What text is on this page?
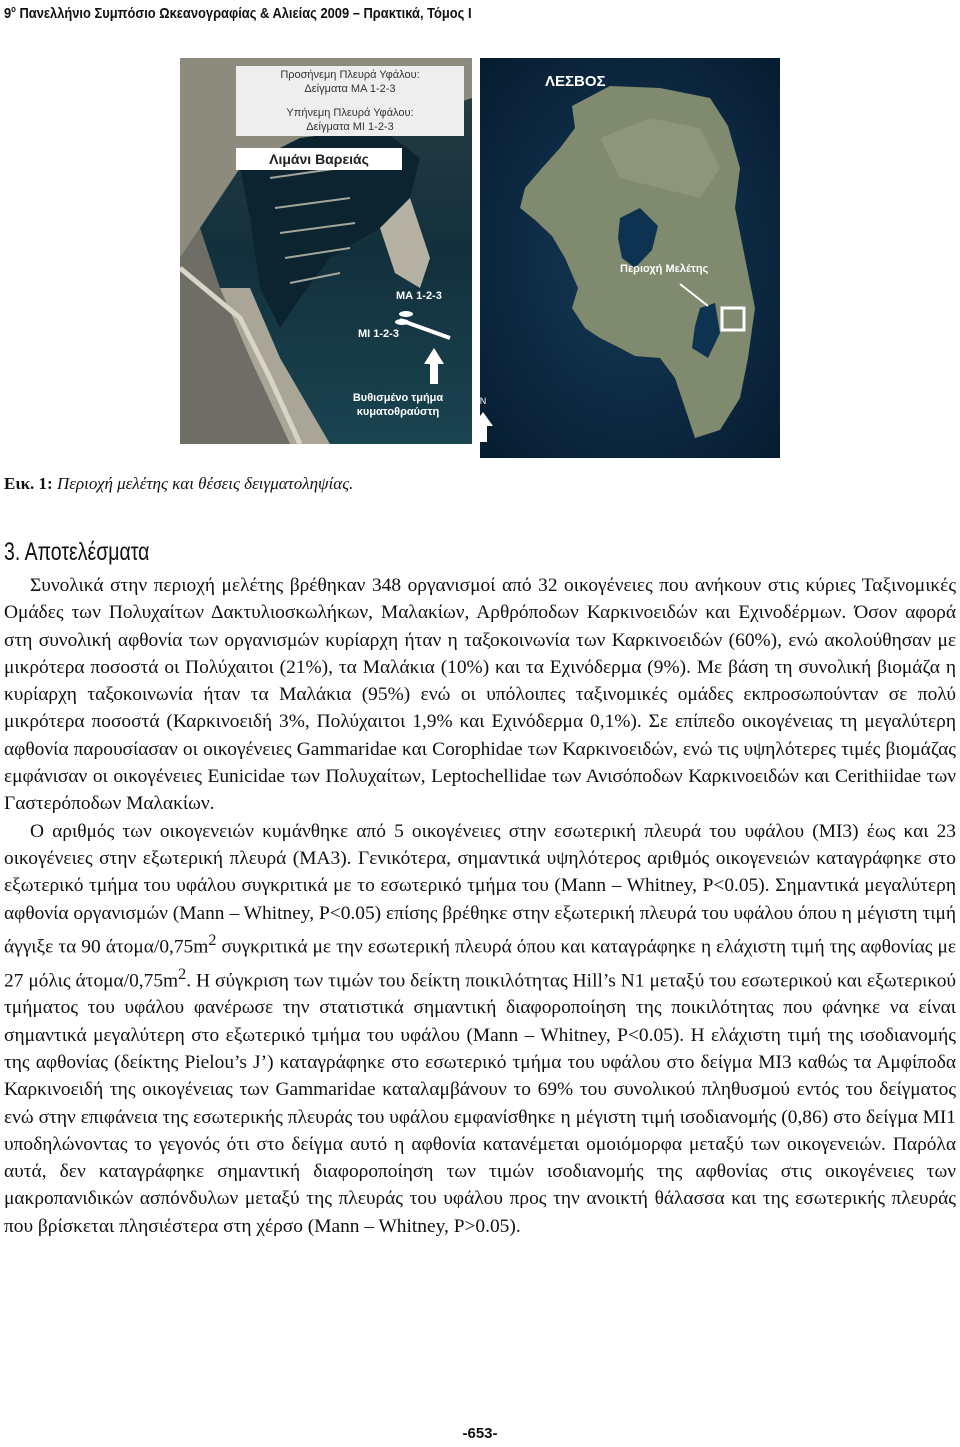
$9^o$ Πανελλήνιο Συμπόσιο Ωκεανογραφίας & Αλιείας 2009 – Πρακτικά, Τόμος I
Προσήνεμη Πλευρά Υφάλου:
Δείγματα ΜΑ 1-2-3
Υπήνεμη Πλευρά Υφάλου:
Δείγματα ΜΙ 1-2-3
Λιμάνι Βαρειάς
ΜΑ 1-2-3
ΜΙ 1-2-3
Βυθισμένο τμήμα
κυματοθραύστη
ΛΕΣΒΟΣ
Περιοχή Μελέτης
N
Εικ. 1: Περιοχή μελέτης και θέσεις δειγματοληψίας.
3. Αποτελέσματα

Συνολικά στην περιοχή μελέτης βρέθηκαν 348 οργανισμοί από 32 οικογένειες που ανήκουν στις κύριες Ταξινομικές Ομάδες των Πολυχαίτων Δακτυλιοσκωλήκων, Μαλακίων, Αρθρόποδων Καρκινοειδών και Εχινοδέρμων. Όσον αφορά στη συνολική αφθονία των οργανισμών κυρίαρχη ήταν η ταξοκοινωνία των Καρκινοειδών (60%), ενώ ακολούθησαν με μικρότερα ποσοστά οι Πολύχαιτοι (21%), τα Μαλάκια (10%) και τα Εχινόδερμα (9%). Με βάση τη συνολική βιομάζα η κυρίαρχη ταξοκοινωνία ήταν τα Μαλάκια (95%) ενώ οι υπόλοιπες ταξινομικές ομάδες εκπροσωπούνταν σε πολύ μικρότερα ποσοστά (Καρκινοειδή 3%, Πολύχαιτοι 1,9% και Εχινόδερμα 0,1%). Σε επίπεδο οικογένειας τη μεγαλύτερη αφθονία παρουσίασαν οι οικογένειες Gammaridae και Corophidae των Καρκινοειδών, ενώ τις υψηλότερες τιμές βιομάζας εμφάνισαν οι οικογένειες Eunicidae των Πολυχαίτων, Leptochellidae των Ανισόποδων Καρκινοειδών και Cerithiidae των Γαστερόποδων Μαλακίων.

Ο αριθμός των οικογενειών κυμάνθηκε από 5 οικογένειες στην εσωτερική πλευρά του υφάλου (ΜΙ3) έως και 23 οικογένειες στην εξωτερική πλευρά (ΜΑ3). Γενικότερα, σημαντικά υψηλότερος αριθμός οικογενειών καταγράφηκε στο εξωτερικό τμήμα του υφάλου συγκριτικά με το εσωτερικό τμήμα του (Mann – Whitney, P<0.05). Σημαντικά μεγαλύτερη αφθονία οργανισμών (Mann – Whitney, P<0.05) επίσης βρέθηκε στην εξωτερική πλευρά του υφάλου όπου η μέγιστη τιμή άγγιξε τα 90 άτομα/$0,75m^2$ συγκριτικά με την εσωτερική πλευρά όπου και καταγράφηκε η ελάχιστη τιμή της αφθονίας με 27 μόλις άτομα/$0,75m^2$. Η σύγκριση των τιμών του δείκτη ποικιλότητας Hill’s N1 μεταξύ του εσωτερικού και εξωτερικού τμήματος του υφάλου φανέρωσε την στατιστικά σημαντική διαφοροποίηση της ποικιλότητας που φάνηκε να είναι σημαντικά μεγαλύτερη στο εξωτερικό τμήμα του υφάλου (Mann – Whitney, P<0.05). Η ελάχιστη τιμή της ισοδιανομής της αφθονίας (δείκτης Pielou’s J’) καταγράφηκε στο εσωτερικό τμήμα του υφάλου στο δείγμα ΜΙ3 καθώς τα Αμφίποδα Καρκινοειδή της οικογένειας των Gammaridae καταλαμβάνουν το 69% του συνολικού πληθυσμού εντός του δείγματος ενώ στην επιφάνεια της εσωτερικής πλευράς του υφάλου εμφανίσθηκε η μέγιστη τιμή ισοδιανομής (0,86) στο δείγμα ΜΙ1 υποδηλώνοντας το γεγονός ότι στο δείγμα αυτό η αφθονία κατανέμεται ομοιόμορφα μεταξύ των οικογενειών. Παρόλα αυτά, δεν καταγράφηκε σημαντική διαφοροποίηση των τιμών ισοδιανομής της αφθονίας στις οικογένειες των μακροπανιδικών ασπόνδυλων μεταξύ της πλευράς του υφάλου προς την ανοικτή θάλασσα και της εσωτερικής πλευράς που βρίσκεται πλησιέστερα στη χέρσο (Mann – Whitney, P>0.05).

-653-
